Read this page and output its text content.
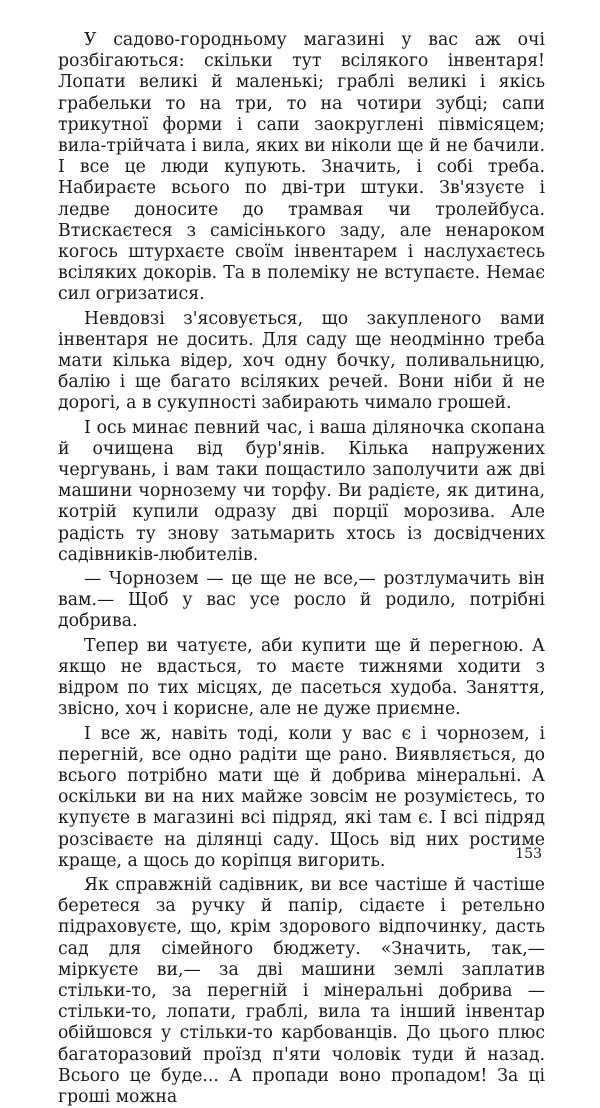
У садово-городньому магазині у вас аж очі розбігаються: скільки тут всілякого інвентаря! Лопати великі й маленькі; граблі великі і якісь грабельки то на три, то на чотири зубці; сапи трикутної форми і сапи заокруглені півмісяцем; вила-трійчата і вила, яких ви ніколи ще й не бачили. І все це люди купують. Значить, і собі треба. Набираєте всього по дві-три штуки. Зв'язуєте і ледве доносите до трамвая чи тролейбуса. Втискаєтеся з самісінького заду, але ненароком когось штурхаєте своїм інвентарем і наслухаєтесь всіляких докорів. Та в полеміку не вступаєте. Немає сил огризатися.

Невдовзі з'ясовується, що закупленого вами інвентаря не досить. Для саду ще неодмінно треба мати кілька відер, хоч одну бочку, поливальницю, балію і ще багато всіляких речей. Вони ніби й не дорогі, а в сукупності забирають чимало грошей.

І ось минає певний час, і ваша діляночка скопана й очищена від бур'янів. Кілька напружених чергувань, і вам таки пощастило заполучити аж дві машини чорнозему чи торфу. Ви радієте, як дитина, котрій купили одразу дві порції морозива. Але радість ту знову затьмарить хтось із досвідчених садівників-любителів.

— Чорнозем — це ще не все,— розтлумачить він вам.— Щоб у вас усе росло й родило, потрібні добрива.

Тепер ви чатуєте, аби купити ще й перегною. А якщо не вдасться, то маєте тижнями ходити з відром по тих місцях, де пасеться худоба. Заняття, звісно, хоч і корисне, але не дуже приємне.

І все ж, навіть тоді, коли у вас є і чорнозем, і перегній, все одно радіти ще рано. Виявляється, до всього потрібно мати ще й добрива мінеральні. А оскільки ви на них майже зовсім не розумієтесь, то купуєте в магазині всі підряд, які там є. І всі підряд розсіваєте на ділянці саду. Щось від них ростиме краще, а щось до коріпця вигорить.

Як справжній садівник, ви все частіше й частіше беретеся за ручку й папір, сідаєте і ретельно підраховуєте, що, крім здорового відпочинку, дасть сад для сімейного бюджету. «Значить, так,— міркуєте ви,— за дві машини землі заплатив стільки-то, за перегній і мінеральні добрива — стільки-то, лопати, граблі, вила та інший інвентар обійшовся у стільки-то карбованців. До цього плюс багаторазовий проїзд п'яти чоловік туди й назад. Всього це буде... А пропади воно пропадом! За ці гроші можна

153
